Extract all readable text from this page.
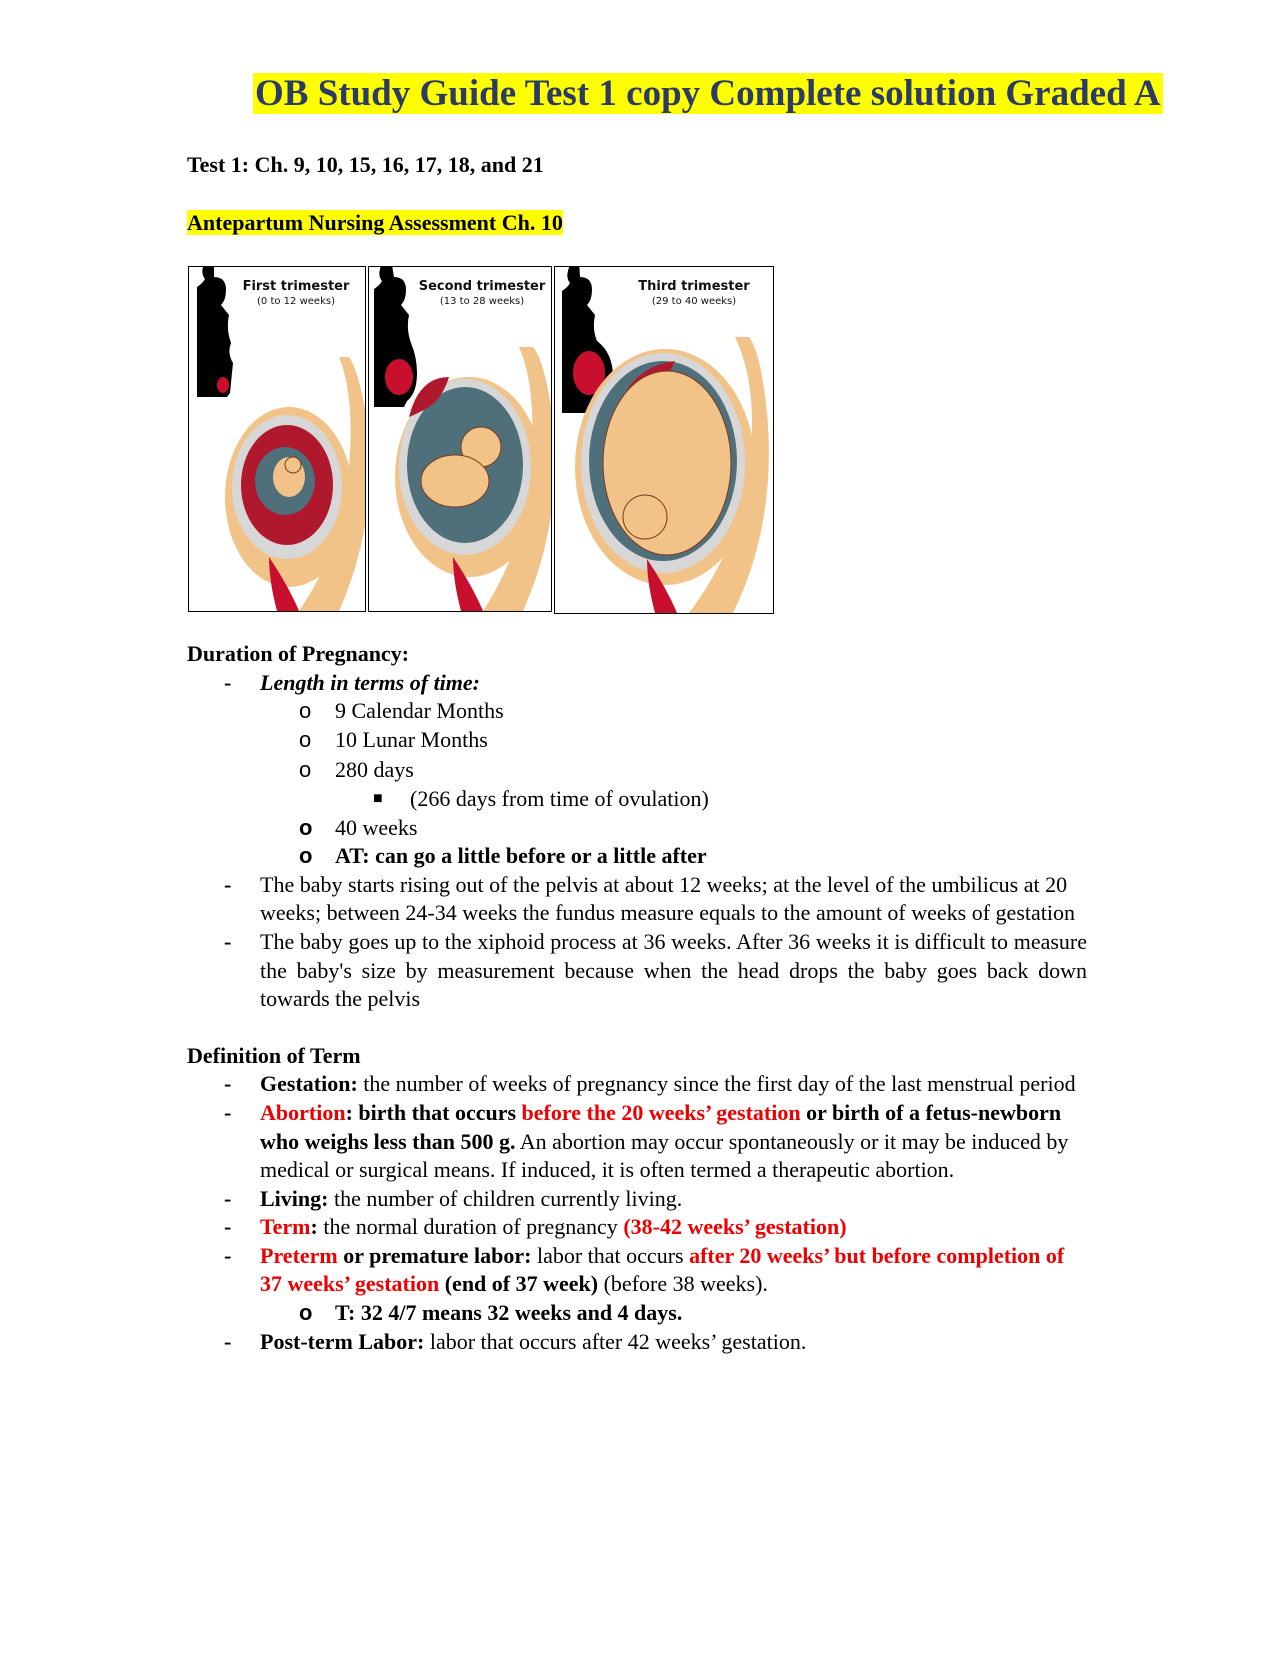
OB Study Guide Test 1 copy Complete solution Graded A
Test 1: Ch. 9, 10, 15, 16, 17, 18, and 21
Antepartum Nursing Assessment Ch. 10
First trimester
(0 to 12 weeks)
Second trimester
(13 to 28 weeks)
Third trimester
(29 to 40 weeks)
Duration of Pregnancy:
- Length in terms of time:
o 9 Calendar Months
o 10 Lunar Months
o 280 days
■ (266 days from time of ovulation)
o 40 weeks
o AT: can go a little before or a little after
- The baby starts rising out of the pelvis at about 12 weeks; at the level of the umbilicus at 20 weeks; between 24-34 weeks the fundus measure equals to the amount of weeks of gestation
- The baby goes up to the xiphoid process at 36 weeks. After 36 weeks it is difficult to measure the baby's size by measurement because when the head drops the baby goes back down towards the pelvis
Definition of Term
- Gestation: the number of weeks of pregnancy since the first day of the last menstrual period
- Abortion: birth that occurs before the 20 weeks’ gestation or birth of a fetus-newborn who weighs less than 500 g. An abortion may occur spontaneously or it may be induced by medical or surgical means. If induced, it is often termed a therapeutic abortion.
- Living: the number of children currently living.
- Term: the normal duration of pregnancy (38-42 weeks’ gestation)
- Preterm or premature labor: labor that occurs after 20 weeks’ but before completion of 37 weeks’ gestation (end of 37 week) (before 38 weeks).
o T: 32 4/7 means 32 weeks and 4 days.
- Post-term Labor: labor that occurs after 42 weeks’ gestation.
